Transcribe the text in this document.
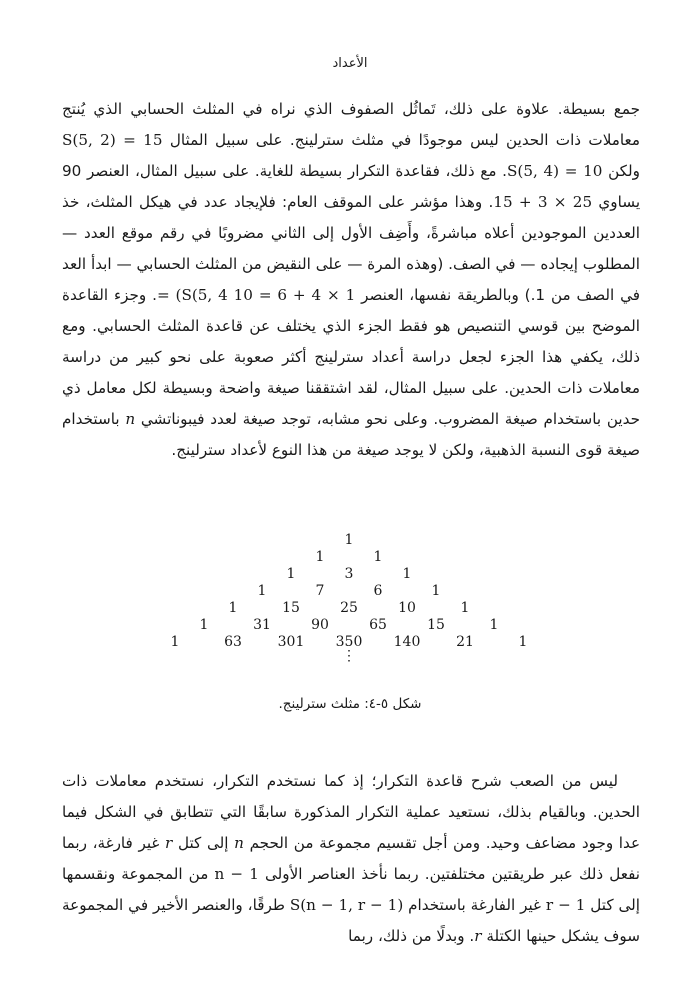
الأعداد

جمع بسيطة. علاوة على ذلك، تَماثُل الصفوف الذي نراه في المثلث الحسابي الذي يُنتج معاملات ذات الحدين ليس موجودًا في مثلث سترلينج. على سبيل المثال S(5, 2) = 15 ولكن S(5, 4) = 10. مع ذلك، فقاعدة التكرار بسيطة للغاية. على سبيل المثال، العنصر 90 يساوي 15 + 3 × 25. وهذا مؤشر على الموقف العام: فلإيجاد عدد في هيكل المثلث، خذ العددين الموجودين أعلاه مباشرةً، وأَضِف الأول إلى الثاني مضروبًا في رقم موقع العدد — المطلوب إيجاده — في الصف. (وهذه المرة — على النقيض من المثلث الحسابي — ابدأ العد في الصف من 1.) وبالطريقة نفسها، العنصر 10 = 6 + 4 × 1 = (S(5, 4. وجزء القاعدة الموضح بين قوسي التنصيص هو فقط الجزء الذي يختلف عن قاعدة المثلث الحسابي. ومع ذلك، يكفي هذا الجزء لجعل دراسة أعداد سترلينج أكثر صعوبة على نحو كبير من دراسة معاملات ذات الحدين. على سبيل المثال، لقد اشتققنا صيغة واضحة وبسيطة لكل معامل ذي حدين باستخدام صيغة المضروب. وعلى نحو مشابه، توجد صيغة لعدد فيبوناتشي n باستخدام صيغة قوى النسبة الذهبية، ولكن لا يوجد صيغة من هذا النوع لأعداد سترلينج.

1
1	1
1	3	1
1	7	6	1
1	15	25	10	1
1	31	90	65	15	1
1	63	301 350 140	21	1
⋮
شكل ٥-٤: مثلث سترلينج.

ليس من الصعب شرح قاعدة التكرار؛ إذ كما نستخدم التكرار، نستخدم معاملات ذات الحدين. وبالقيام بذلك، نستعيد عملية التكرار المذكورة سابقًا التي تتطابق في الشكل فيما عدا وجود مضاعف وحيد. ومن أجل تقسيم مجموعة من الحجم n إلى كتل r غير فارغة، ربما نفعل ذلك عبر طريقتين مختلفتين. ربما نأخذ العناصر الأولى n − 1 من المجموعة ونقسمها إلى كتل r − 1 غير الفارغة باستخدام S(n − 1, r − 1) طرقًا، والعنصر الأخير في المجموعة سوف يشكل حينها الكتلة r. وبدلًا من ذلك، ربما
